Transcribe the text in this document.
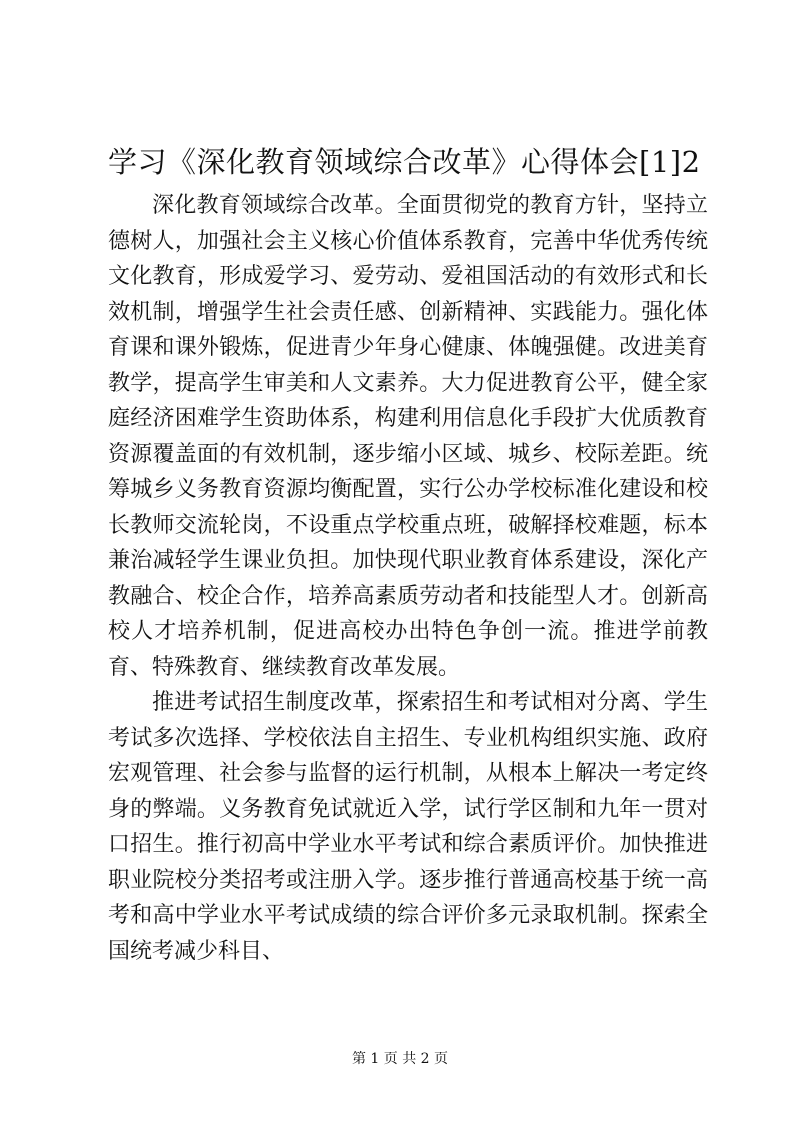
学习《深化教育领域综合改革》心得体会[1]2

深化教育领域综合改革。全面贯彻党的教育方针，坚持立德树人，加强社会主义核心价值体系教育，完善中华优秀传统文化教育，形成爱学习、爱劳动、爱祖国活动的有效形式和长效机制，增强学生社会责任感、创新精神、实践能力。强化体育课和课外锻炼，促进青少年身心健康、体魄强健。改进美育教学，提高学生审美和人文素养。大力促进教育公平，健全家庭经济困难学生资助体系，构建利用信息化手段扩大优质教育资源覆盖面的有效机制，逐步缩小区域、城乡、校际差距。统筹城乡义务教育资源均衡配置，实行公办学校标准化建设和校长教师交流轮岗，不设重点学校重点班，破解择校难题，标本兼治减轻学生课业负担。加快现代职业教育体系建设，深化产教融合、校企合作，培养高素质劳动者和技能型人才。创新高校人才培养机制，促进高校办出特色争创一流。推进学前教育、特殊教育、继续教育改革发展。

推进考试招生制度改革，探索招生和考试相对分离、学生考试多次选择、学校依法自主招生、专业机构组织实施、政府宏观管理、社会参与监督的运行机制，从根本上解决一考定终身的弊端。义务教育免试就近入学，试行学区制和九年一贯对口招生。推行初高中学业水平考试和综合素质评价。加快推进职业院校分类招考或注册入学。逐步推行普通高校基于统一高考和高中学业水平考试成绩的综合评价多元录取机制。探索全国统考减少科目、

第 1 页 共 2 页
